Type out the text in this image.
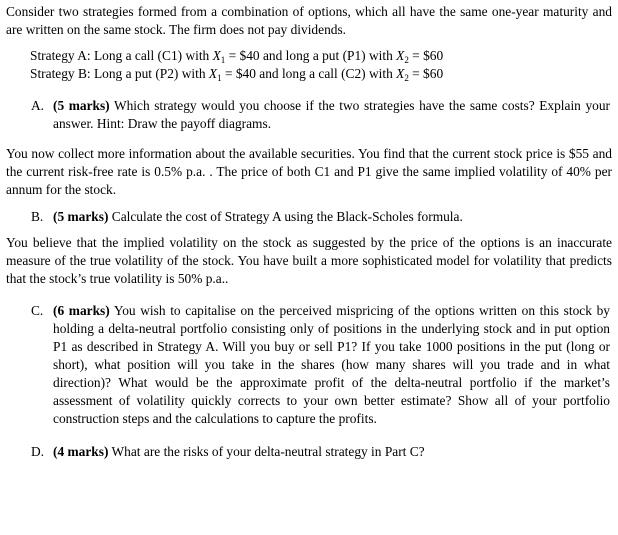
Consider two strategies formed from a combination of options, which all have the same one-year maturity and are written on the same stock. The firm does not pay dividends.

Strategy A: Long a call (C1) with $X_1$ = $40 and long a put (P1) with $X_2$ = $60
Strategy B: Long a put (P2) with $X_1$ = $40 and long a call (C2) with $X_2$ = $60
A. (5 marks) Which strategy would you choose if the two strategies have the same costs? Explain your answer. Hint: Draw the payoff diagrams.

You now collect more information about the available securities. You find that the current stock price is $55 and the current risk-free rate is 0.5% p.a. . The price of both C1 and P1 give the same implied volatility of 40% per annum for the stock.

B. (5 marks) Calculate the cost of Strategy A using the Black-Scholes formula.

You believe that the implied volatility on the stock as suggested by the price of the options is an inaccurate measure of the true volatility of the stock. You have built a more sophisticated model for volatility that predicts that the stock’s true volatility is 50% p.a..

C. (6 marks) You wish to capitalise on the perceived mispricing of the options written on this stock by holding a delta-neutral portfolio consisting only of positions in the underlying stock and in put option P1 as described in Strategy A. Will you buy or sell P1? If you take 1000 positions in the put (long or short), what position will you take in the shares (how many shares will you trade and in what direction)? What would be the approximate profit of the delta-neutral portfolio if the market’s assessment of volatility quickly corrects to your own better estimate? Show all of your portfolio construction steps and the calculations to capture the profits.

D. (4 marks) What are the risks of your delta-neutral strategy in Part C?
